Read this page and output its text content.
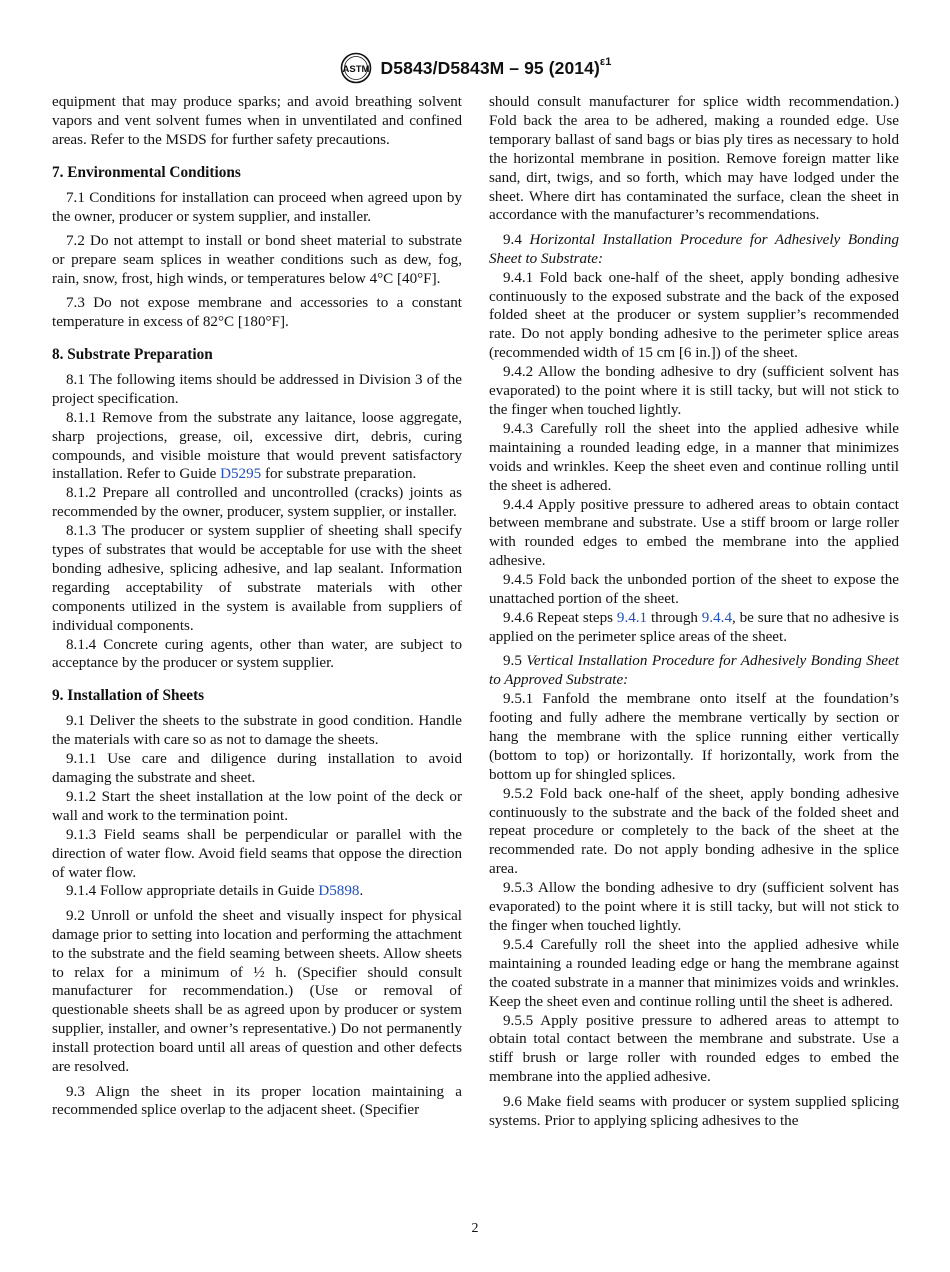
ASTM D5843/D5843M – 95 $(2014)^{\varepsilon 1}$

equipment that may produce sparks; and avoid breathing solvent vapors and vent solvent fumes when in unventilated and confined areas. Refer to the MSDS for further safety precautions.

7. Environmental Conditions

7.1 Conditions for installation can proceed when agreed upon by the owner, producer or system supplier, and installer.

7.2 Do not attempt to install or bond sheet material to substrate or prepare seam splices in weather conditions such as dew, fog, rain, snow, frost, high winds, or temperatures below 4°C [40°F].

7.3 Do not expose membrane and accessories to a constant temperature in excess of 82°C [180°F].

8. Substrate Preparation

8.1 The following items should be addressed in Division 3 of the project specification.

8.1.1 Remove from the substrate any laitance, loose aggregate, sharp projections, grease, oil, excessive dirt, debris, curing compounds, and visible moisture that would prevent satisfactory installation. Refer to Guide D5295 for substrate preparation.

8.1.2 Prepare all controlled and uncontrolled (cracks) joints as recommended by the owner, producer, system supplier, or installer.

8.1.3 The producer or system supplier of sheeting shall specify types of substrates that would be acceptable for use with the sheet bonding adhesive, splicing adhesive, and lap sealant. Information regarding acceptability of substrate materials with other components utilized in the system is available from suppliers of individual components.

8.1.4 Concrete curing agents, other than water, are subject to acceptance by the producer or system supplier.

9. Installation of Sheets

9.1 Deliver the sheets to the substrate in good condition. Handle the materials with care so as not to damage the sheets.

9.1.1 Use care and diligence during installation to avoid damaging the substrate and sheet.

9.1.2 Start the sheet installation at the low point of the deck or wall and work to the termination point.

9.1.3 Field seams shall be perpendicular or parallel with the direction of water flow. Avoid field seams that oppose the direction of water flow.

9.1.4 Follow appropriate details in Guide D5898.

9.2 Unroll or unfold the sheet and visually inspect for physical damage prior to setting into location and performing the attachment to the substrate and the field seaming between sheets. Allow sheets to relax for a minimum of ½ h. (Specifier should consult manufacturer for recommendation.) (Use or removal of questionable sheets shall be as agreed upon by producer or system supplier, installer, and owner’s representative.) Do not permanently install protection board until all areas of question and other defects are resolved.

9.3 Align the sheet in its proper location maintaining a recommended splice overlap to the adjacent sheet. (Specifier

should consult manufacturer for splice width recommendation.) Fold back the area to be adhered, making a rounded edge. Use temporary ballast of sand bags or bias ply tires as necessary to hold the horizontal membrane in position. Remove foreign matter like sand, dirt, twigs, and so forth, which may have lodged under the sheet. Where dirt has contaminated the surface, clean the sheet in accordance with the manufacturer’s recommendations.

9.4 Horizontal Installation Procedure for Adhesively Bonding Sheet to Substrate:

9.4.1 Fold back one-half of the sheet, apply bonding adhesive continuously to the exposed substrate and the back of the exposed folded sheet at the producer or system supplier’s recommended rate. Do not apply bonding adhesive to the perimeter splice areas (recommended width of 15 cm [6 in.]) of the sheet.

9.4.2 Allow the bonding adhesive to dry (sufficient solvent has evaporated) to the point where it is still tacky, but will not stick to the finger when touched lightly.

9.4.3 Carefully roll the sheet into the applied adhesive while maintaining a rounded leading edge, in a manner that minimizes voids and wrinkles. Keep the sheet even and continue rolling until the sheet is adhered.

9.4.4 Apply positive pressure to adhered areas to obtain contact between membrane and substrate. Use a stiff broom or large roller with rounded edges to embed the membrane into the applied adhesive.

9.4.5 Fold back the unbonded portion of the sheet to expose the unattached portion of the sheet.

9.4.6 Repeat steps 9.4.1 through 9.4.4, be sure that no adhesive is applied on the perimeter splice areas of the sheet.

9.5 Vertical Installation Procedure for Adhesively Bonding Sheet to Approved Substrate:

9.5.1 Fanfold the membrane onto itself at the foundation’s footing and fully adhere the membrane vertically by section or hang the membrane with the splice running either vertically (bottom to top) or horizontally. If horizontally, work from the bottom up for shingled splices.

9.5.2 Fold back one-half of the sheet, apply bonding adhesive continuously to the substrate and the back of the folded sheet and repeat procedure or completely to the back of the sheet at the recommended rate. Do not apply bonding adhesive in the splice area.

9.5.3 Allow the bonding adhesive to dry (sufficient solvent has evaporated) to the point where it is still tacky, but will not stick to the finger when touched lightly.

9.5.4 Carefully roll the sheet into the applied adhesive while maintaining a rounded leading edge or hang the membrane against the coated substrate in a manner that minimizes voids and wrinkles. Keep the sheet even and continue rolling until the sheet is adhered.

9.5.5 Apply positive pressure to adhered areas to attempt to obtain total contact between the membrane and substrate. Use a stiff brush or large roller with rounded edges to embed the membrane into the applied adhesive.

9.6 Make field seams with producer or system supplied splicing systems. Prior to applying splicing adhesives to the

2
